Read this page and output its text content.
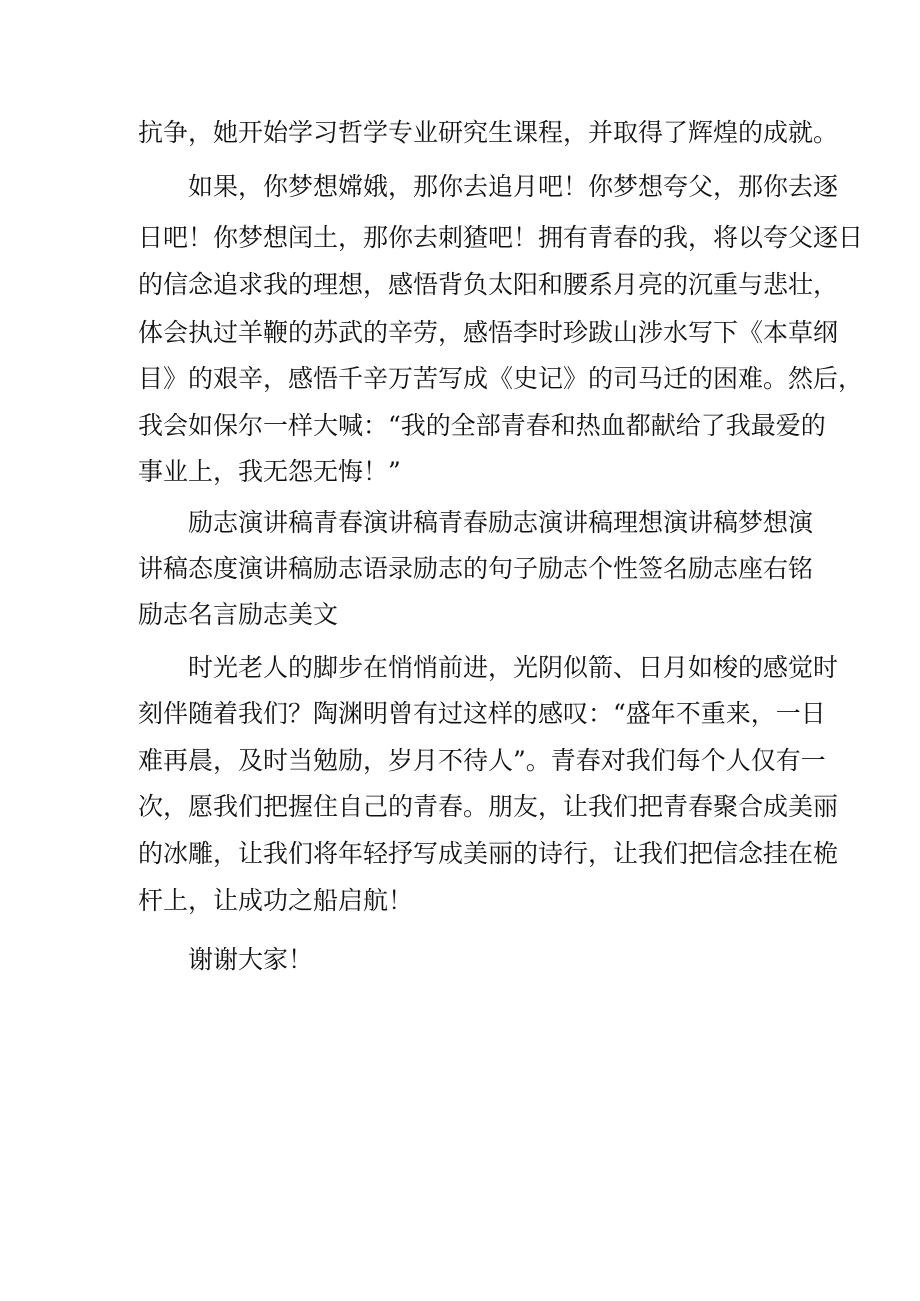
抗争，她开始学习哲学专业研究生课程，并取得了辉煌的成就。

如果，你梦想嫦娥，那你去追月吧！你梦想夸父，那你去逐

日吧！你梦想闰土，那你去刺猹吧！拥有青春的我，将以夸父逐日

的信念追求我的理想，感悟背负太阳和腰系月亮的沉重与悲壮，

体会执过羊鞭的苏武的辛劳，感悟李时珍跋山涉水写下《本草纲

目》的艰辛，感悟千辛万苦写成《史记》的司马迁的困难。然后，

我会如保尔一样大喊：“我的全部青春和热血都献给了我最爱的

事业上，我无怨无悔！”

励志演讲稿青春演讲稿青春励志演讲稿理想演讲稿梦想演

讲稿态度演讲稿励志语录励志的句子励志个性签名励志座右铭

励志名言励志美文

时光老人的脚步在悄悄前进，光阴似箭、日月如梭的感觉时

刻伴随着我们？陶渊明曾有过这样的感叹：“盛年不重来，一日

难再晨，及时当勉励，岁月不待人”。青春对我们每个人仅有一

次，愿我们把握住自己的青春。朋友，让我们把青春聚合成美丽

的冰雕，让我们将年轻抒写成美丽的诗行，让我们把信念挂在桅

杆上，让成功之船启航！

谢谢大家！
